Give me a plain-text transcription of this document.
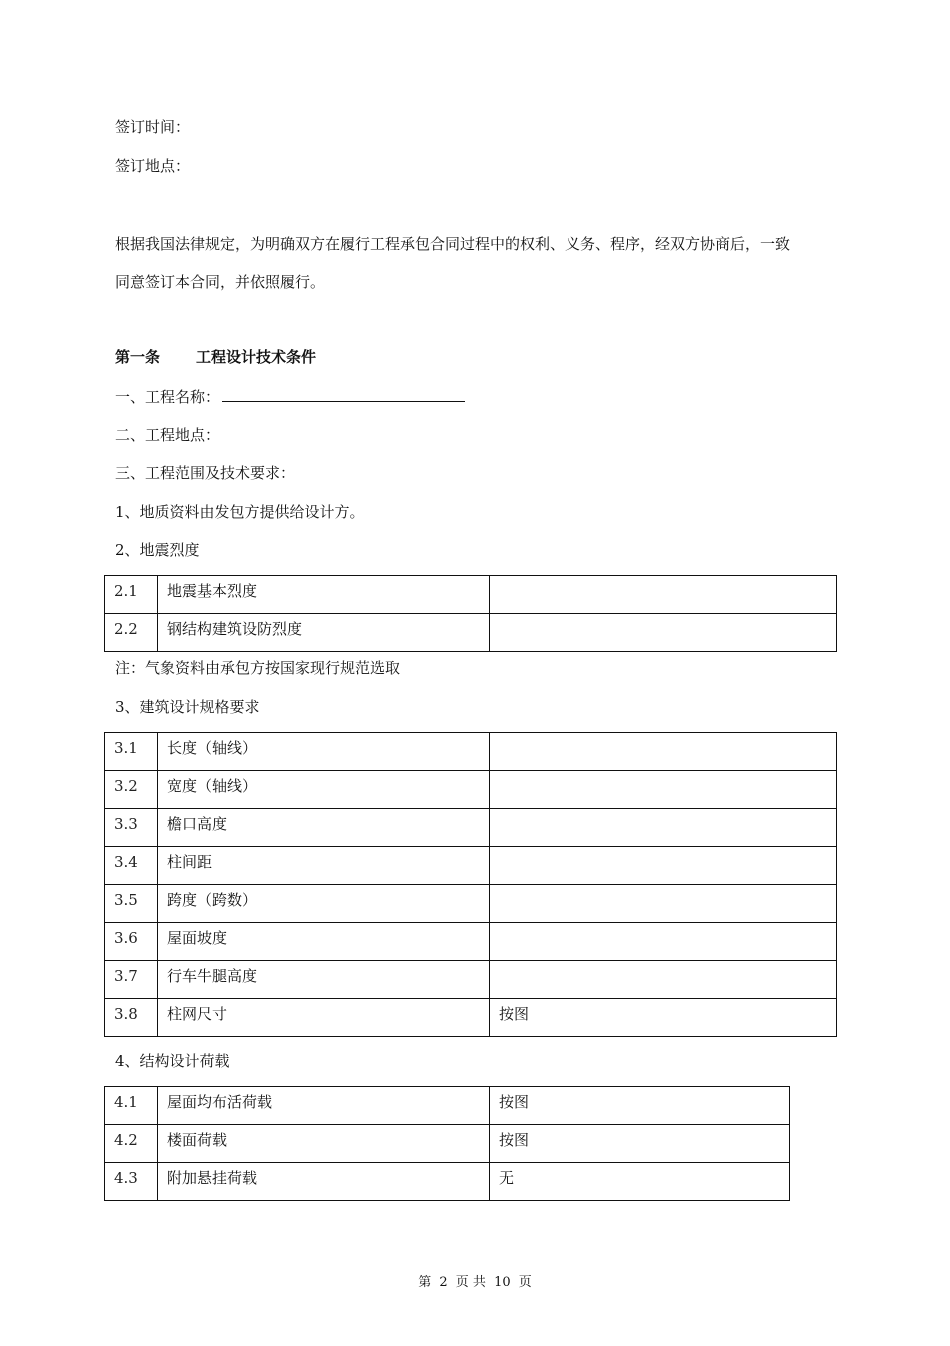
签订时间：
签订地点：
根据我国法律规定，为明确双方在履行工程承包合同过程中的权利、义务、程序，经双方协商后，一致
同意签订本合同，并依照履行。
第一条 工程设计技术条件
一、工程名称：
二、工程地点：
三、工程范围及技术要求：
1、地质资料由发包方提供给设计方。
2、地震烈度
2.1	地震基本烈度	
2.2	钢结构建筑设防烈度	
注：气象资料由承包方按国家现行规范选取
3、建筑设计规格要求
3.1	长度（轴线）	
3.2	宽度（轴线）	
3.3	檐口高度	
3.4	柱间距	
3.5	跨度（跨数）	
3.6	屋面坡度	
3.7	行车牛腿高度	
3.8	柱网尺寸	按图
4、结构设计荷载
4.1	屋面均布活荷载	按图
4.2	楼面荷载	按图
4.3	附加悬挂荷载	无
第 2 页 共 10 页
